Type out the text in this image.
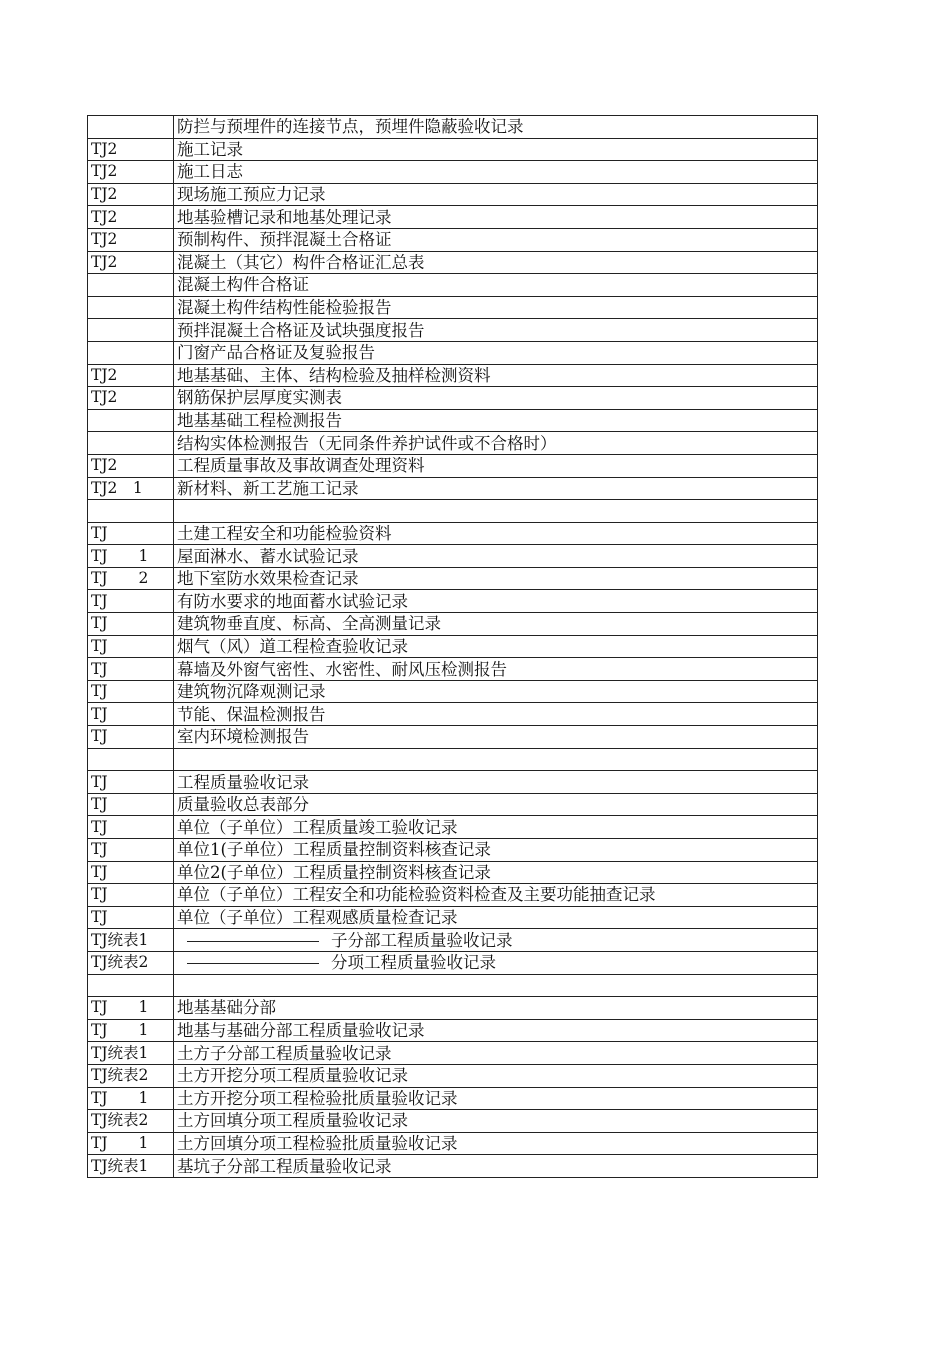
	防拦与预埋件的连接节点，预埋件隐蔽验收记录
TJ2	施工记录
TJ2	施工日志
TJ2	现场施工预应力记录
TJ2	地基验槽记录和地基处理记录
TJ2	预制构件、预拌混凝土合格证
TJ2	混凝土（其它）构件合格证汇总表
	混凝土构件合格证
	混凝土构件结构性能检验报告
	预拌混凝土合格证及试块强度报告
	门窗产品合格证及复验报告
TJ2	地基基础、主体、结构检验及抽样检测资料
TJ2	钢筋保护层厚度实测表
	地基基础工程检测报告
	结构实体检测报告（无同条件养护试件或不合格时）
TJ2	工程质量事故及事故调查处理资料
TJ2　1	新材料、新工艺施工记录

TJ	土建工程安全和功能检验资料
TJ　　1	屋面淋水、蓄水试验记录
TJ　　2	地下室防水效果检查记录
TJ	有防水要求的地面蓄水试验记录
TJ	建筑物垂直度、标高、全高测量记录
TJ	烟气（风）道工程检查验收记录
TJ	幕墙及外窗气密性、水密性、耐风压检测报告
TJ	建筑物沉降观测记录
TJ	节能、保温检测报告
TJ	室内环境检测报告

TJ	工程质量验收记录
TJ	质量验收总表部分
TJ	单位（子单位）工程质量竣工验收记录
TJ	单位1(子单位）工程质量控制资料核查记录
TJ	单位2(子单位）工程质量控制资料核查记录
TJ	单位（子单位）工程安全和功能检验资料检查及主要功能抽查记录
TJ	单位（子单位）工程观感质量检查记录
TJ统表1	子分部工程质量验收记录
TJ统表2	分项工程质量验收记录

TJ　　1	地基基础分部
TJ　　1	地基与基础分部工程质量验收记录
TJ统表1	土方子分部工程质量验收记录
TJ统表2	土方开挖分项工程质量验收记录
TJ　　1	土方开挖分项工程检验批质量验收记录
TJ统表2	土方回填分项工程质量验收记录
TJ　　1	土方回填分项工程检验批质量验收记录
TJ统表1	基坑子分部工程质量验收记录
